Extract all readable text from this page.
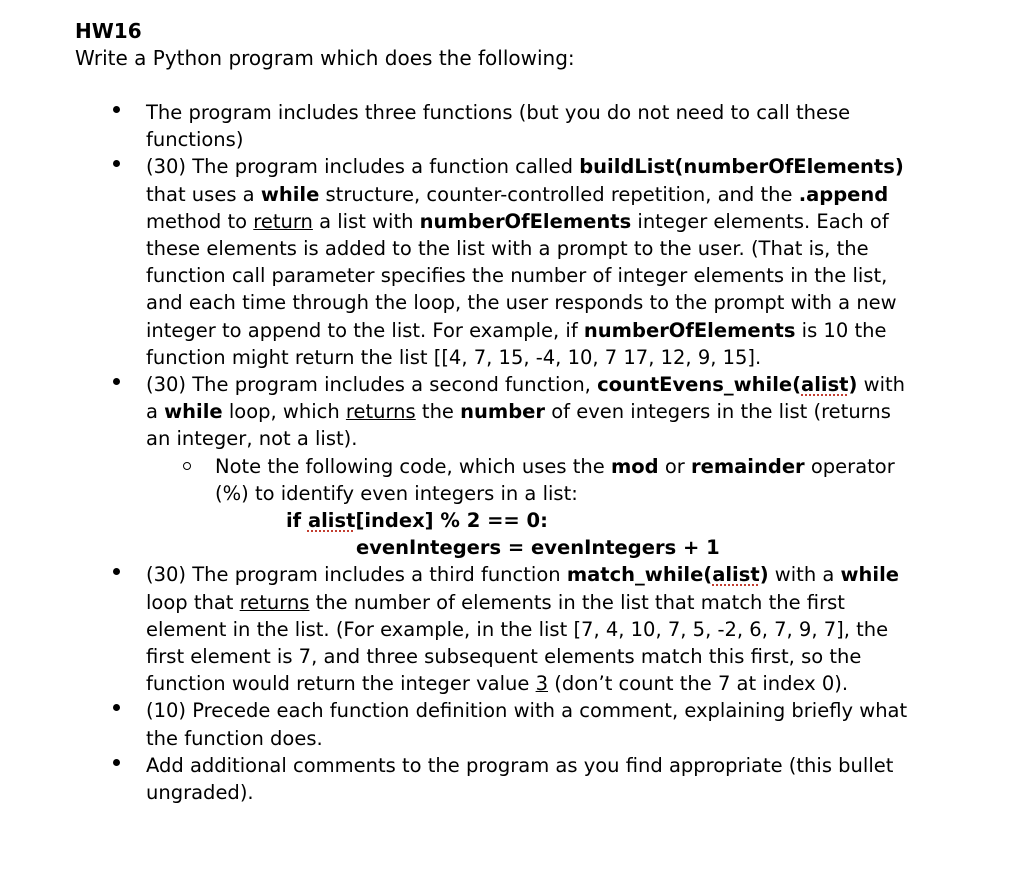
HW16
Write a Python program which does the following:
The program includes three functions (but you do not need to call these functions)
(30) The program includes a function called buildList(numberOfElements) that uses a while structure, counter-controlled repetition, and the .append method to return a list with numberOfElements integer elements. Each of these elements is added to the list with a prompt to the user. (That is, the function call parameter specifies the number of integer elements in the list, and each time through the loop, the user responds to the prompt with a new integer to append to the list. For example, if numberOfElements is 10 the function might return the list [[4, 7, 15, -4, 10, 7 17, 12, 9, 15].
(30) The program includes a second function, countEvens_while(alist) with a while loop, which returns the number of even integers in the list (returns an integer, not a list).
Note the following code, which uses the mod or remainder operator (%) to identify even integers in a list:
if alist[index] % 2 == 0:
evenIntegers = evenIntegers + 1
(30) The program includes a third function match_while(alist) with a while loop that returns the number of elements in the list that match the first element in the list. (For example, in the list [7, 4, 10, 7, 5, -2, 6, 7, 9, 7], the first element is 7, and three subsequent elements match this first, so the function would return the integer value 3 (don’t count the 7 at index 0).
(10) Precede each function definition with a comment, explaining briefly what the function does.
Add additional comments to the program as you find appropriate (this bullet ungraded).
